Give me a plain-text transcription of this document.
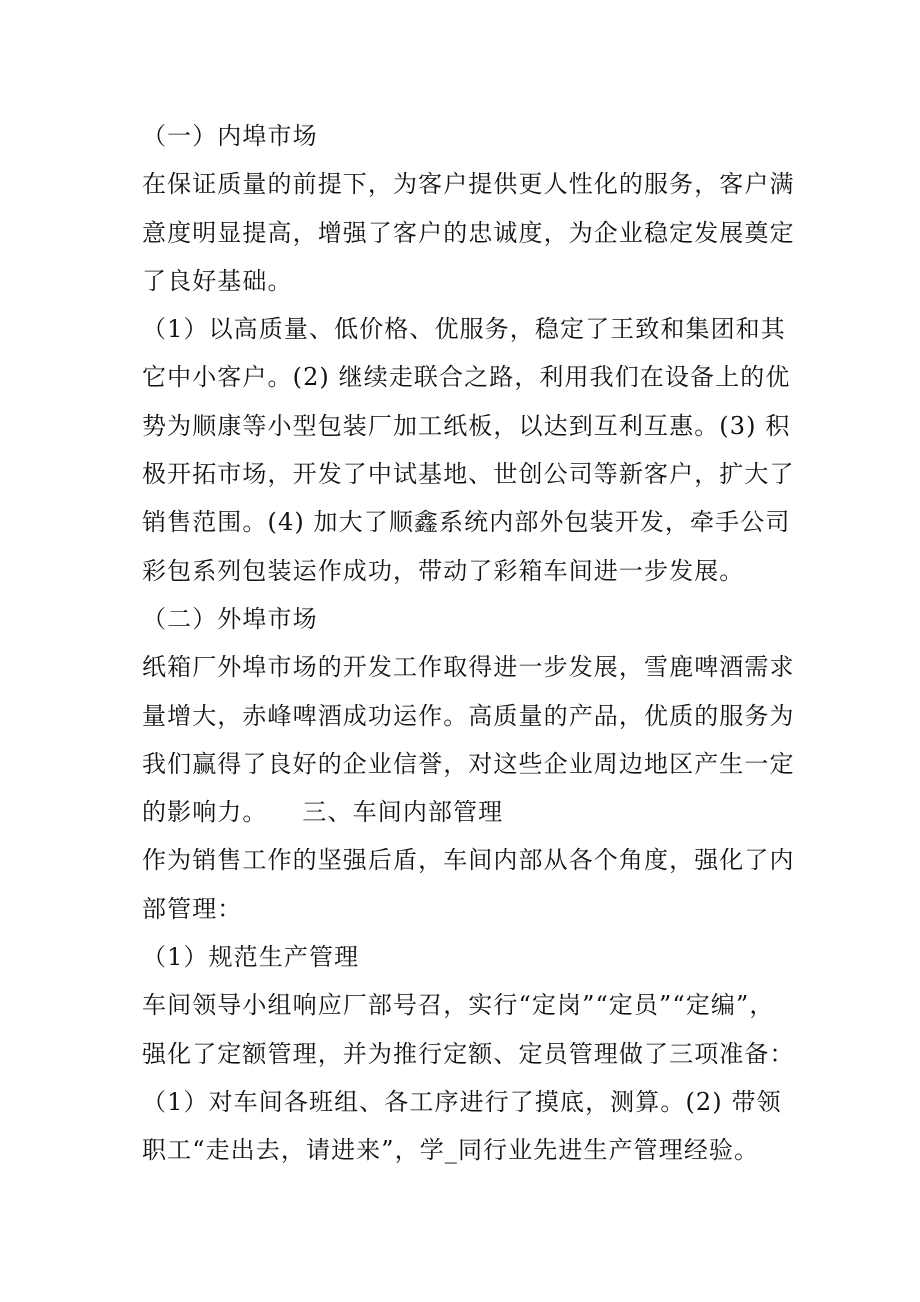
（一）内埠市场
在保证质量的前提下，为客户提供更人性化的服务，客户满
意度明显提高，增强了客户的忠诚度，为企业稳定发展奠定
了良好基础。
（1）以高质量、低价格、优服务，稳定了王致和集团和其
它中小客户。(2) 继续走联合之路，利用我们在设备上的优
势为顺康等小型包装厂加工纸板，以达到互利互惠。(3) 积
极开拓市场，开发了中试基地、世创公司等新客户，扩大了
销售范围。(4) 加大了顺鑫系统内部外包装开发，牵手公司
彩包系列包装运作成功，带动了彩箱车间进一步发展。
（二）外埠市场
纸箱厂外埠市场的开发工作取得进一步发展，雪鹿啤酒需求
量增大，赤峰啤酒成功运作。高质量的产品，优质的服务为
我们赢得了良好的企业信誉，对这些企业周边地区产生一定
的影响力。    三、车间内部管理
作为销售工作的坚强后盾，车间内部从各个角度，强化了内
部管理：
（1）规范生产管理
车间领导小组响应厂部号召，实行“定岗”“定员”“定编”，
强化了定额管理，并为推行定额、定员管理做了三项准备：
（1）对车间各班组、各工序进行了摸底，测算。(2) 带领
职工“走出去，请进来”，学_同行业先进生产管理经验。
